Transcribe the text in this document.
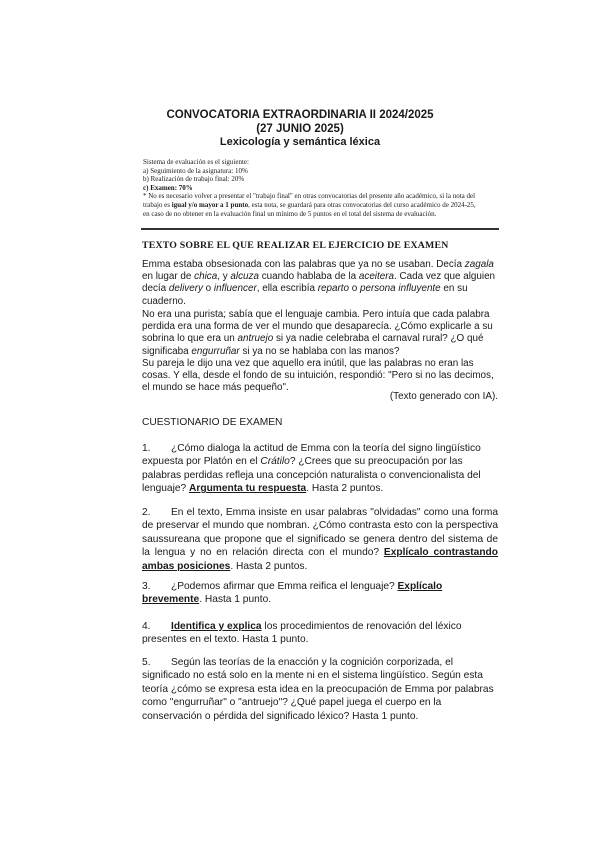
CONVOCATORIA EXTRAORDINARIA II 2024/2025
(27 JUNIO 2025)
Lexicología y semántica léxica

Sistema de evaluación es el siguiente:

a) Seguimiento de la asignatura: 10%

b) Realización de trabajo final: 20%

c) Examen: 70%

* No es necesario volver a presentar el "trabajo final" en otras convocatorias del presente año académico, si la nota del

trabajo es igual y/o mayor a 1 punto, esta nota, se guardará para otras convocatorias del curso académico de 2024-25,

en caso de no obtener en la evaluación final un mínimo de 5 puntos en el total del sistema de evaluación.

TEXTO SOBRE EL QUE REALIZAR EL EJERCICIO DE EXAMEN

Emma estaba obsesionada con las palabras que ya no se usaban. Decía zagala en lugar de chica, y alcuza cuando hablaba de la aceitera. Cada vez que alguien decía delivery o influencer, ella escribía reparto o persona influyente en su cuaderno.

No era una purista; sabía que el lenguaje cambia. Pero intuía que cada palabra perdida era una forma de ver el mundo que desaparecía. ¿Cómo explicarle a su sobrina lo que era un antruejo si ya nadie celebraba el carnaval rural? ¿O qué significaba engurruñar si ya no se hablaba con las manos?

Su pareja le dijo una vez que aquello era inútil, que las palabras no eran las cosas. Y ella, desde el fondo de su intuición, respondió: "Pero si no las decimos, el mundo se hace más pequeño".
(Texto generado con IA).
CUESTIONARIO DE EXAMEN

1. ¿Cómo dialoga la actitud de Emma con la teoría del signo lingüístico expuesta por Platón en el Crátilo? ¿Crees que su preocupación por las palabras perdidas refleja una concepción naturalista o convencionalista del lenguaje? Argumenta tu respuesta. Hasta 2 puntos.

2. En el texto, Emma insiste en usar palabras "olvidadas" como una forma de preservar el mundo que nombran. ¿Cómo contrasta esto con la perspectiva saussureana que propone que el significado se genera dentro del sistema de la lengua y no en relación directa con el mundo? Explícalo contrastando ambas posiciones. Hasta 2 puntos.

3. ¿Podemos afirmar que Emma reifica el lenguaje? Explícalo brevemente. Hasta 1 punto.

4. Identifica y explica los procedimientos de renovación del léxico presentes en el texto. Hasta 1 punto.

5. Según las teorías de la enacción y la cognición corporizada, el significado no está solo en la mente ni en el sistema lingüístico. Según esta teoría ¿cómo se expresa esta idea en la preocupación de Emma por palabras como "engurruñar" o "antruejo"? ¿Qué papel juega el cuerpo en la conservación o pérdida del significado léxico? Hasta 1 punto.
